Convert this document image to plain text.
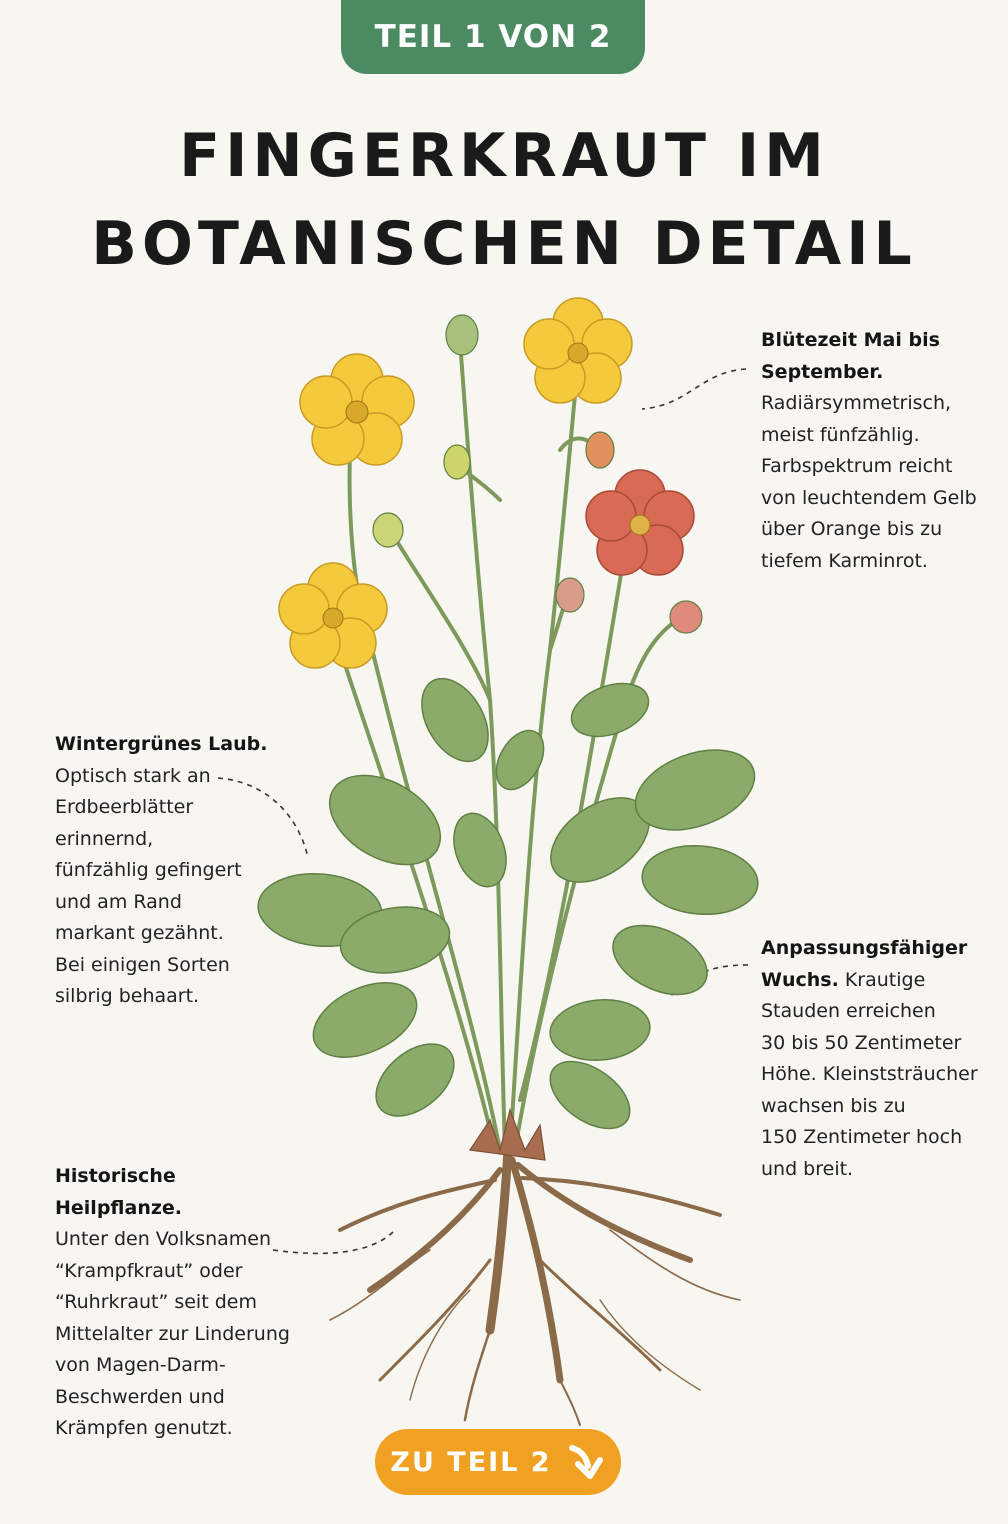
TEIL 1 VON 2
FINGERKRAUT IM
BOTANISCHEN DETAIL
Blütezeit Mai bis
September.
Radiärsymmetrisch,
meist fünfzählig.
Farbspektrum reicht
von leuchtendem Gelb
über Orange bis zu
tiefem Karminrot.
Wintergrünes Laub.
Optisch stark an
Erdbeerblätter
erinnernd,
fünfzählig gefingert
und am Rand
markant gezähnt.
Bei einigen Sorten
silbrig behaart.
Anpassungsfähiger
Wuchs. Krautige
Stauden erreichen
30 bis 50 Zentimeter
Höhe. Kleinststräucher
wachsen bis zu
150 Zentimeter hoch
und breit.
Historische
Heilpflanze.
Unter den Volksnamen
“Krampfkraut” oder
“Ruhrkraut” seit dem
Mittelalter zur Linderung
von Magen-Darm-
Beschwerden und
Krämpfen genutzt.
ZU TEIL 2
